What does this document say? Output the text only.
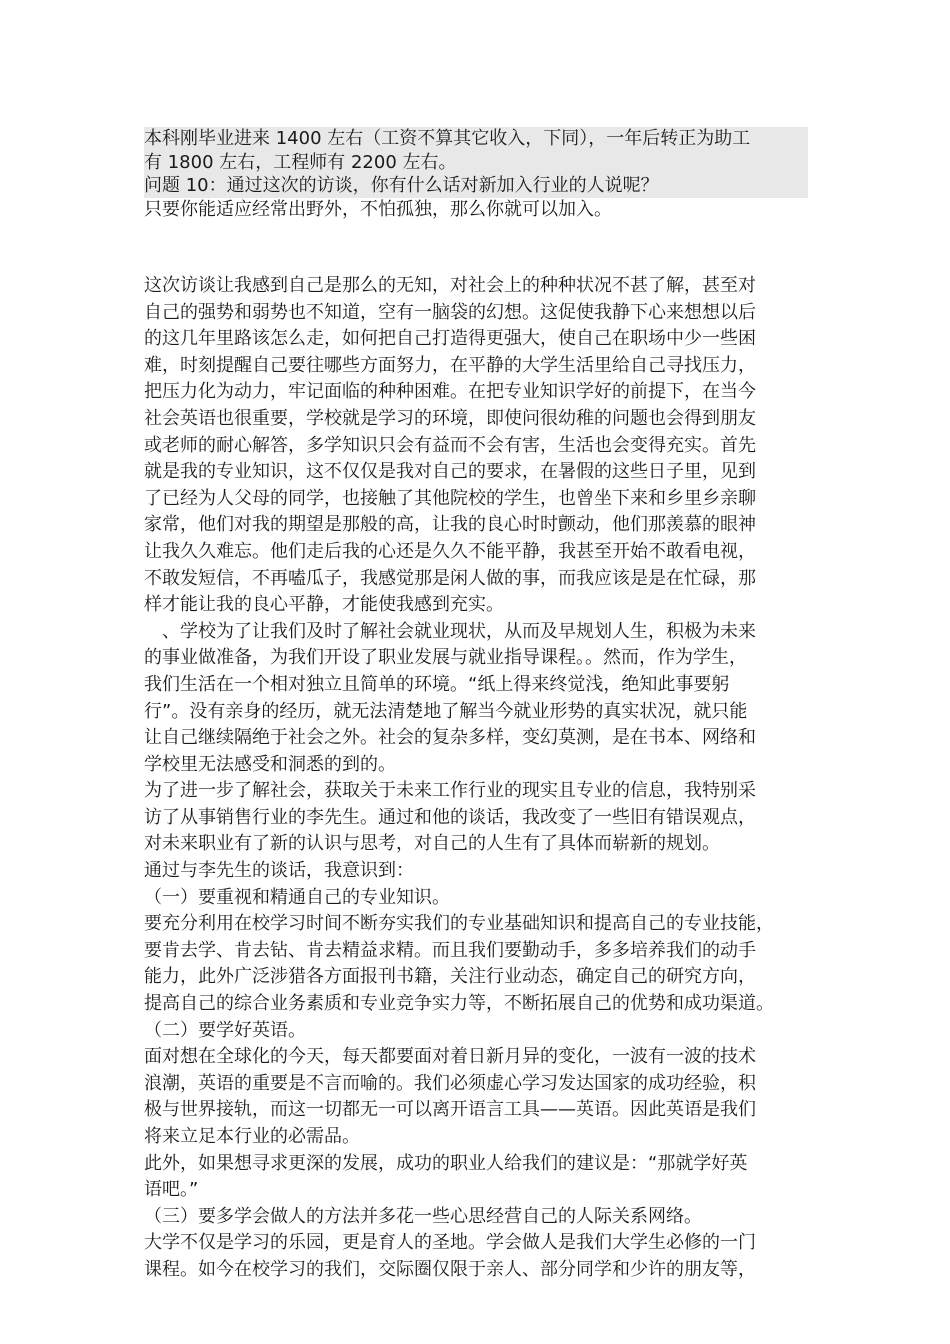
本科刚毕业进来 1400 左右（工资不算其它收入，下同），一年后转正为助工
有 1800 左右，工程师有 2200 左右。
问题 10：通过这次的访谈，你有什么话对新加入行业的人说呢？
只要你能适应经常出野外，不怕孤独，那么你就可以加入。
这次访谈让我感到自己是那么的无知，对社会上的种种状况不甚了解，甚至对
自己的强势和弱势也不知道，空有一脑袋的幻想。这促使我静下心来想想以后
的这几年里路该怎么走，如何把自己打造得更强大，使自己在职场中少一些困
难，时刻提醒自己要往哪些方面努力，在平静的大学生活里给自己寻找压力，
把压力化为动力，牢记面临的种种困难。在把专业知识学好的前提下，在当今
社会英语也很重要，学校就是学习的环境，即使问很幼稚的问题也会得到朋友
或老师的耐心解答，多学知识只会有益而不会有害，生活也会变得充实。首先
就是我的专业知识，这不仅仅是我对自己的要求，在暑假的这些日子里，见到
了已经为人父母的同学，也接触了其他院校的学生，也曾坐下来和乡里乡亲聊
家常，他们对我的期望是那般的高，让我的良心时时颤动，他们那羡慕的眼神
让我久久难忘。他们走后我的心还是久久不能平静，我甚至开始不敢看电视，
不敢发短信，不再嗑瓜子，我感觉那是闲人做的事，而我应该是是在忙碌，那
样才能让我的良心平静，才能使我感到充实。
　、学校为了让我们及时了解社会就业现状，从而及早规划人生，积极为未来
的事业做准备，为我们开设了职业发展与就业指导课程。。然而，作为学生，
我们生活在一个相对独立且简单的环境。“纸上得来终觉浅，绝知此事要躬
行”。没有亲身的经历，就无法清楚地了解当今就业形势的真实状况，就只能
让自己继续隔绝于社会之外。社会的复杂多样，变幻莫测，是在书本、网络和
学校里无法感受和洞悉的到的。
为了进一步了解社会，获取关于未来工作行业的现实且专业的信息，我特别采
访了从事销售行业的李先生。通过和他的谈话，我改变了一些旧有错误观点，
对未来职业有了新的认识与思考，对自己的人生有了具体而崭新的规划。
通过与李先生的谈话，我意识到：
（一）要重视和精通自己的专业知识。
要充分利用在校学习时间不断夯实我们的专业基础知识和提高自己的专业技能，
要肯去学、肯去钻、肯去精益求精。而且我们要勤动手，多多培养我们的动手
能力，此外广泛涉猎各方面报刊书籍，关注行业动态，确定自己的研究方向，
提高自己的综合业务素质和专业竞争实力等，不断拓展自己的优势和成功渠道。
（二）要学好英语。
面对想在全球化的今天，每天都要面对着日新月异的变化，一波有一波的技术
浪潮，英语的重要是不言而喻的。我们必须虚心学习发达国家的成功经验，积
极与世界接轨，而这一切都无一可以离开语言工具——英语。因此英语是我们
将来立足本行业的必需品。
此外，如果想寻求更深的发展，成功的职业人给我们的建议是：“那就学好英
语吧。”
（三）要多学会做人的方法并多花一些心思经营自己的人际关系网络。
大学不仅是学习的乐园，更是育人的圣地。学会做人是我们大学生必修的一门
课程。如今在校学习的我们，交际圈仅限于亲人、部分同学和少许的朋友等，
